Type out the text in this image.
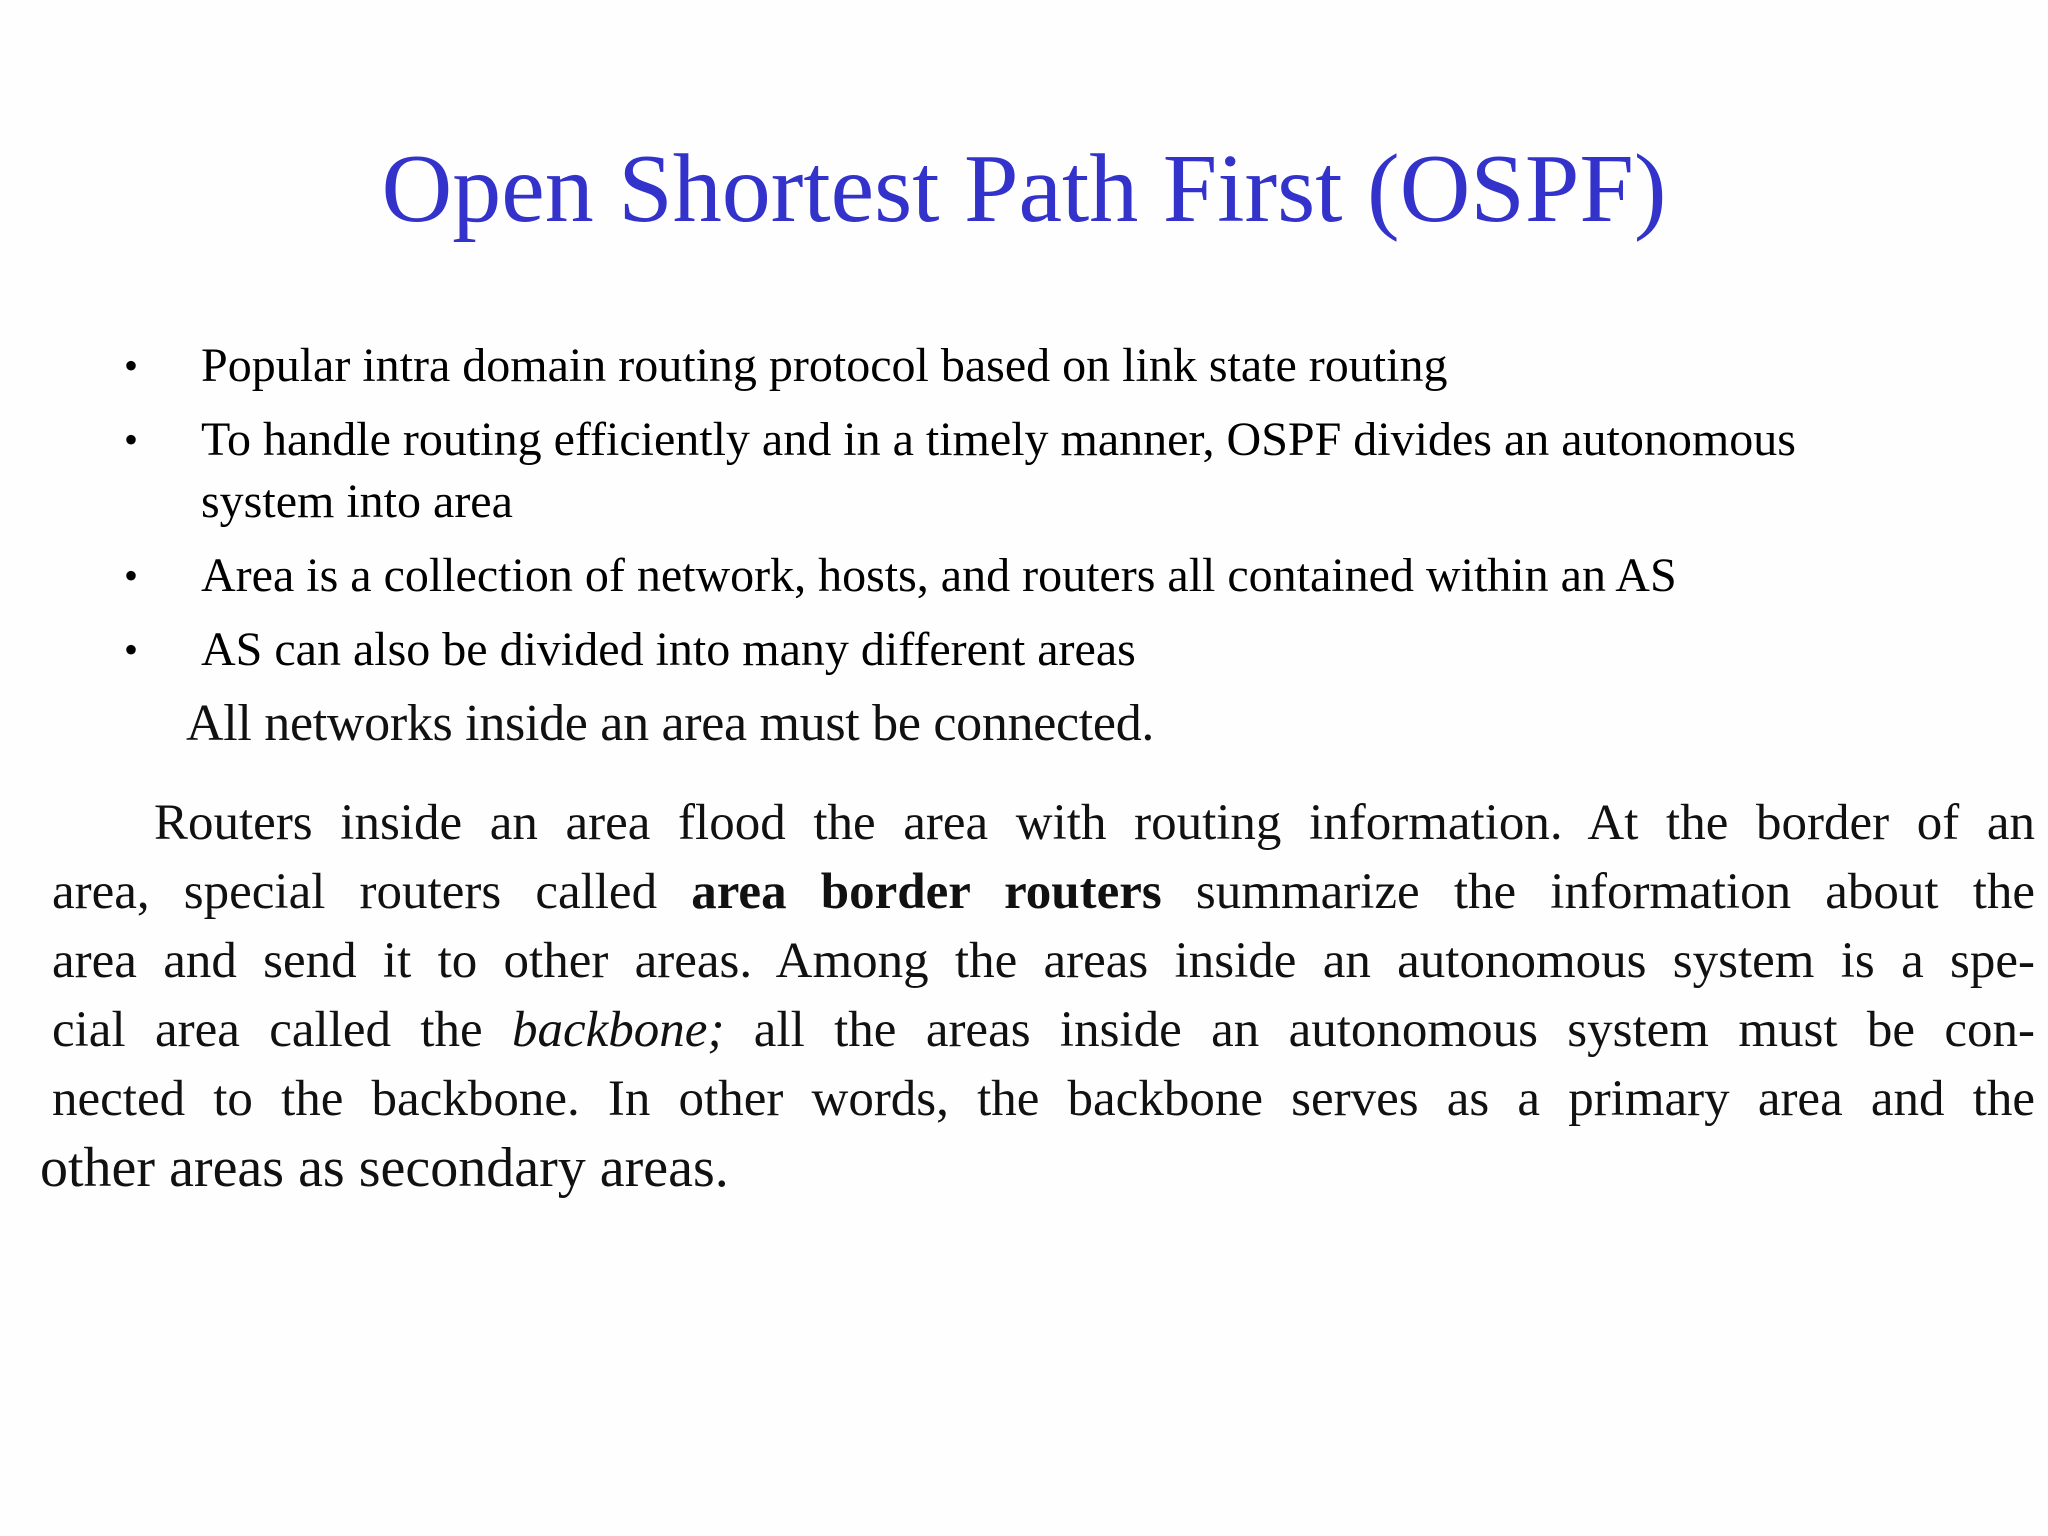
Open Shortest Path First (OSPF)
• Popular intra domain routing protocol based on link state routing
• To handle routing efficiently and in a timely manner, OSPF divides an autonomous
system into area
• Area is a collection of network, hosts, and routers all contained within an AS
• AS can also be divided into many different areas
All networks inside an area must be connected.
Routers inside an area flood the area with routing information. At the border of an
area, special routers called area border routers summarize the information about the
area and send it to other areas. Among the areas inside an autonomous system is a spe-
cial area called the backbone; all the areas inside an autonomous system must be con-
nected to the backbone. In other words, the backbone serves as a primary area and the
other areas as secondary areas.
